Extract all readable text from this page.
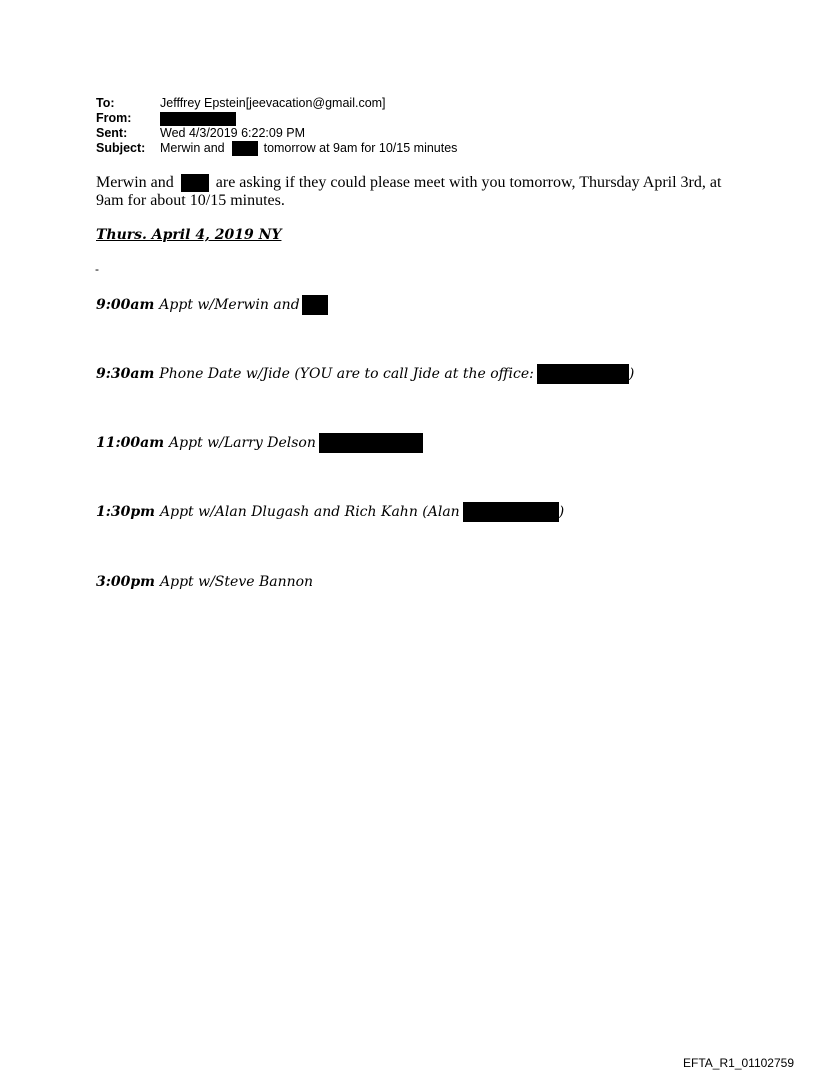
To:	Jefffrey Epstein[jeevacation@gmail.com]
From:
Sent:	Wed 4/3/2019 6:22:09 PM
Subject:	Merwin and	tomorrow at 9am for 10/15 minutes
Merwin and	are asking if they could please meet with you tomorrow, Thursday April 3rd, at 9am for about 10/15 minutes.
Thurs. April 4, 2019 NY
-
9:00am Appt w/Merwin and
9:30am Phone Date w/Jide (YOU are to call Jide at the office:	)
11:00am Appt w/Larry Delson
1:30pm Appt w/Alan Dlugash and Rich Kahn (Alan	)
3:00pm Appt w/Steve Bannon
EFTA_R1_01102759
